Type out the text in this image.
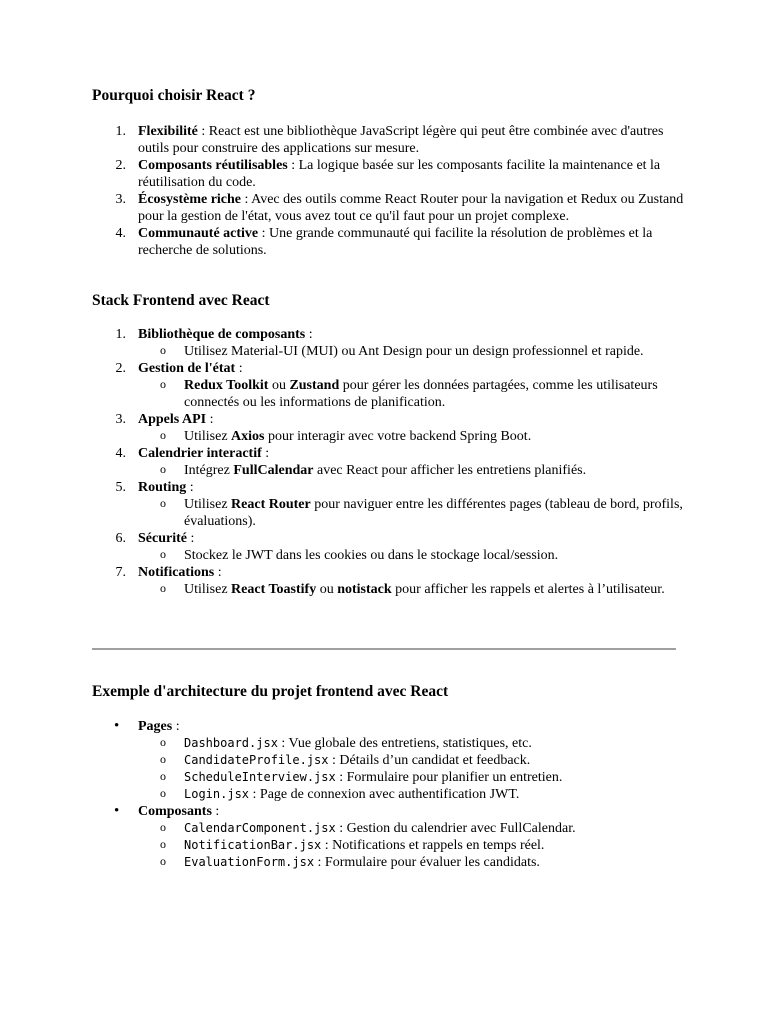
Pourquoi choisir React ?
1. Flexibilité : React est une bibliothèque JavaScript légère qui peut être combinée avec d'autres outils pour construire des applications sur mesure.
2. Composants réutilisables : La logique basée sur les composants facilite la maintenance et la réutilisation du code.
3. Écosystème riche : Avec des outils comme React Router pour la navigation et Redux ou Zustand pour la gestion de l'état, vous avez tout ce qu'il faut pour un projet complexe.
4. Communauté active : Une grande communauté qui facilite la résolution de problèmes et la recherche de solutions.
Stack Frontend avec React
1. Bibliothèque de composants :
o Utilisez Material-UI (MUI) ou Ant Design pour un design professionnel et rapide.
2. Gestion de l'état :
o Redux Toolkit ou Zustand pour gérer les données partagées, comme les utilisateurs connectés ou les informations de planification.
3. Appels API :
o Utilisez Axios pour interagir avec votre backend Spring Boot.
4. Calendrier interactif :
o Intégrez FullCalendar avec React pour afficher les entretiens planifiés.
5. Routing :
o Utilisez React Router pour naviguer entre les différentes pages (tableau de bord, profils, évaluations).
6. Sécurité :
o Stockez le JWT dans les cookies ou dans le stockage local/session.
7. Notifications :
o Utilisez React Toastify ou notistack pour afficher les rappels et alertes à l’utilisateur.
Exemple d'architecture du projet frontend avec React
• Pages :
o Dashboard.jsx : Vue globale des entretiens, statistiques, etc.
o CandidateProfile.jsx : Détails d’un candidat et feedback.
o ScheduleInterview.jsx : Formulaire pour planifier un entretien.
o Login.jsx : Page de connexion avec authentification JWT.
• Composants :
o CalendarComponent.jsx : Gestion du calendrier avec FullCalendar.
o NotificationBar.jsx : Notifications et rappels en temps réel.
o EvaluationForm.jsx : Formulaire pour évaluer les candidats.
